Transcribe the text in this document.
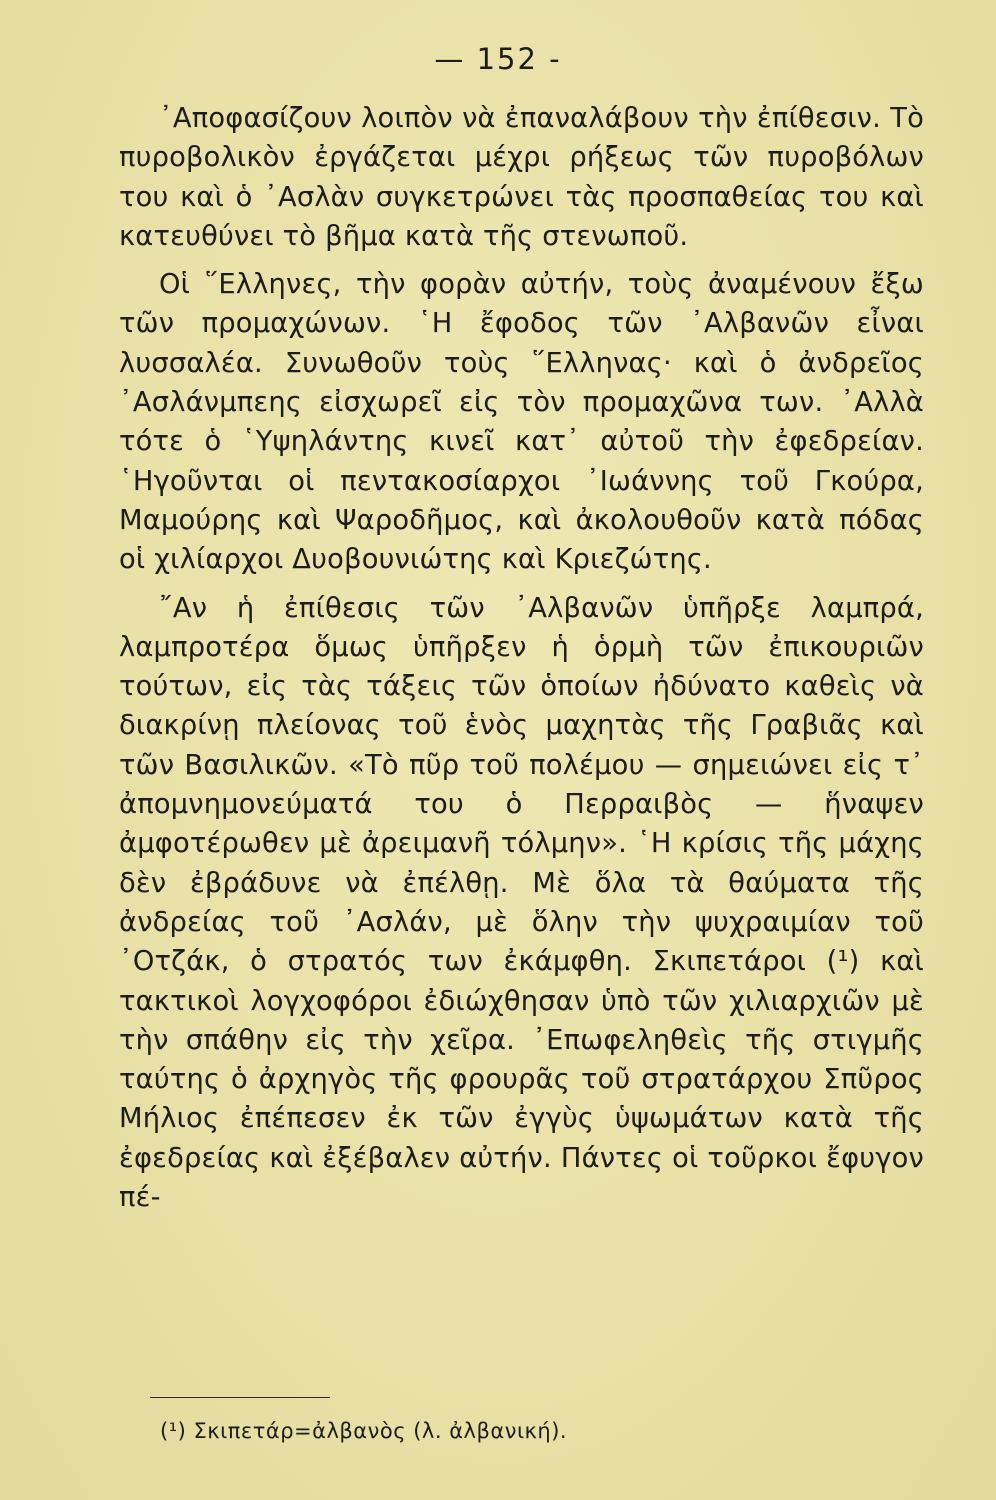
— 152 -

᾿Αποφασίζουν λοιπὸν νὰ ἐπαναλάβουν τὴν ἐπίθεσιν. Τὸ πυροβολικὸν ἐργάζεται μέχρι ρήξεως τῶν πυροβόλων του καὶ ὁ ᾿Ασλὰν συγκετρώνει τὰς προσπαθείας του καὶ κατευθύνει τὸ βῆμα κατὰ τῆς στενωποῦ.

Οἱ ῞Ελληνες, τὴν φορὰν αὐτήν, τοὺς ἀναμένουν ἔξω τῶν προμαχώνων. ῾Η ἔφοδος τῶν ᾿Αλβανῶν εἶναι λυσσαλέα. Συνωθοῦν τοὺς ῞Ελληνας· καὶ ὁ ἀνδρεῖος ᾿Ασλάνμπεης εἰσχωρεῖ εἰς τὸν προμαχῶνα των. ᾿Αλλὰ τότε ὁ ῾Υψηλάντης κινεῖ κατ᾿ αὐτοῦ τὴν ἐφεδρείαν. ῾Ηγοῦνται οἱ πεντακοσίαρχοι ᾿Ιωάννης τοῦ Γκούρα, Μαμούρης καὶ Ψαροδῆμος, καὶ ἀκολουθοῦν κατὰ πόδας οἱ χιλίαρχοι Δυοβουνιώτης καὶ Κριεζώτης.

῎Αν ἡ ἐπίθεσις τῶν ᾿Αλβανῶν ὑπῆρξε λαμπρά, λαμπροτέρα ὅμως ὑπῆρξεν ἡ ὁρμὴ τῶν ἐπικουριῶν τούτων, εἰς τὰς τάξεις τῶν ὁποίων ἠδύνατο καθεὶς νὰ διακρίνῃ πλείονας τοῦ ἑνὸς μαχητὰς τῆς Γραβιᾶς καὶ τῶν Βασιλικῶν. «Τὸ πῦρ τοῦ πολέμου — σημειώνει εἰς τ᾿ ἀπομνημονεύματά του ὁ Περραιβὸς — ἥναψεν ἀμφοτέρωθεν μὲ ἀρειμανῆ τόλμην». ῾Η κρίσις τῆς μάχης δὲν ἐβράδυνε νὰ ἐπέλθῃ. Μὲ ὅλα τὰ θαύματα τῆς ἀνδρείας τοῦ ᾿Ασλάν, μὲ ὅλην τὴν ψυχραιμίαν τοῦ ᾿Οτζάκ, ὁ στρατός των ἐκάμφθη. Σκιπετάροι (¹) καὶ τακτικοὶ λογχοφόροι ἐδιώχθησαν ὑπὸ τῶν χιλιαρχιῶν μὲ τὴν σπάθην εἰς τὴν χεῖρα. ᾿Επωφεληθεὶς τῆς στιγμῆς ταύτης ὁ ἀρχηγὸς τῆς φρουρᾶς τοῦ στρατάρχου Σπῦρος Μήλιος ἐπέπεσεν ἐκ τῶν ἐγγὺς ὑψωμάτων κατὰ τῆς ἐφεδρείας καὶ ἐξέβαλεν αὐτήν. Πάντες οἱ τοῦρκοι ἔφυγον πέ-

(¹) Σκιπετάρ=ἀλβανὸς (λ. ἀλβανική).
